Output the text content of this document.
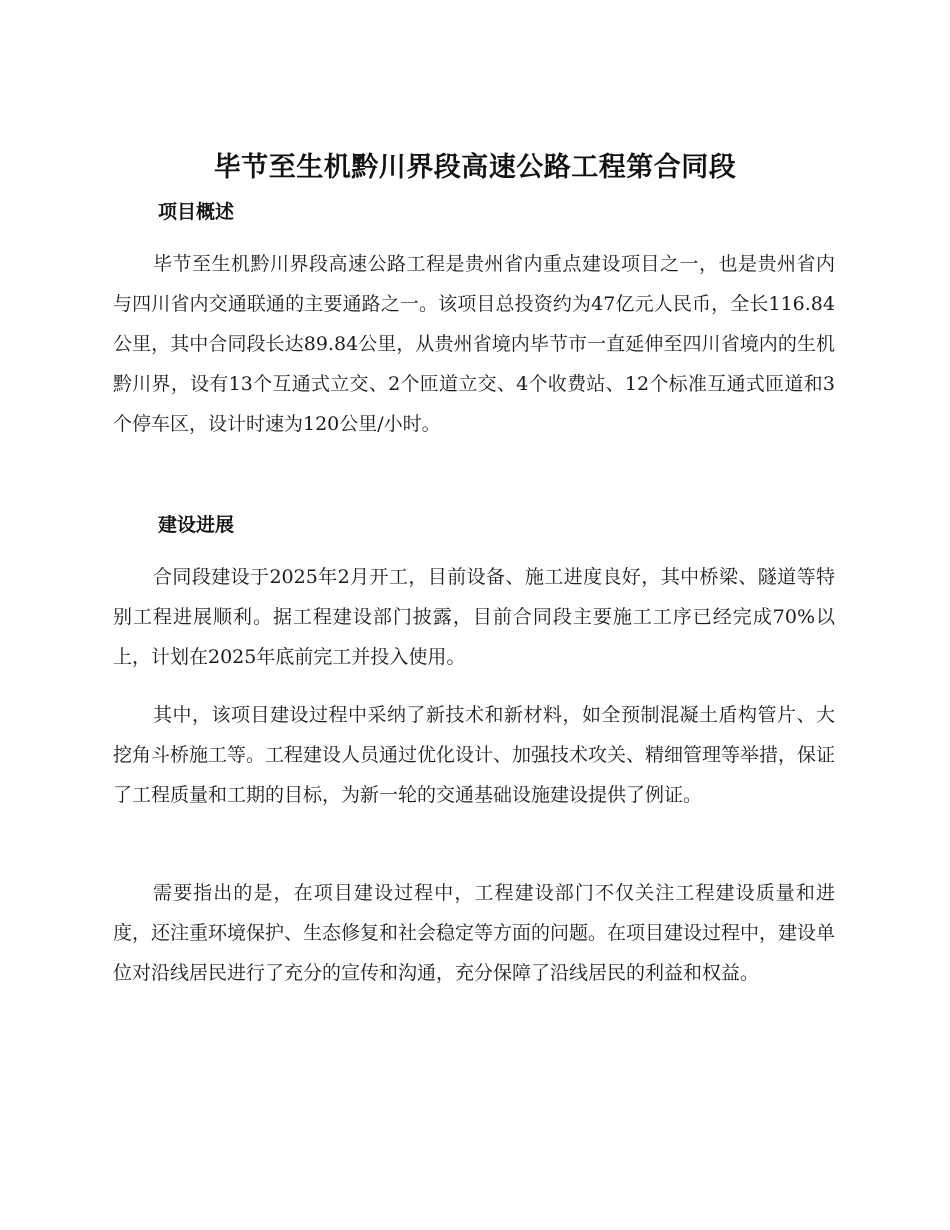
毕节至生机黔川界段高速公路工程第合同段
项目概述

毕节至生机黔川界段高速公路工程是贵州省内重点建设项目之一，也是贵州省内与四川省内交通联通的主要通路之一。该项目总投资约为47亿元人民币，全长116.84公里，其中合同段长达89.84公里，从贵州省境内毕节市一直延伸至四川省境内的生机黔川界，设有13个互通式立交、2个匝道立交、4个收费站、12个标准互通式匝道和3个停车区，设计时速为120公里/小时。

建设进展

合同段建设于2025年2月开工，目前设备、施工进度良好，其中桥梁、隧道等特别工程进展顺利。据工程建设部门披露，目前合同段主要施工工序已经完成70%以上，计划在2025年底前完工并投入使用。

其中，该项目建设过程中采纳了新技术和新材料，如全预制混凝土盾构管片、大挖角斗桥施工等。工程建设人员通过优化设计、加强技术攻关、精细管理等举措，保证了工程质量和工期的目标，为新一轮的交通基础设施建设提供了例证。

需要指出的是，在项目建设过程中，工程建设部门不仅关注工程建设质量和进度，还注重环境保护、生态修复和社会稳定等方面的问题。在项目建设过程中，建设单位对沿线居民进行了充分的宣传和沟通，充分保障了沿线居民的利益和权益。
